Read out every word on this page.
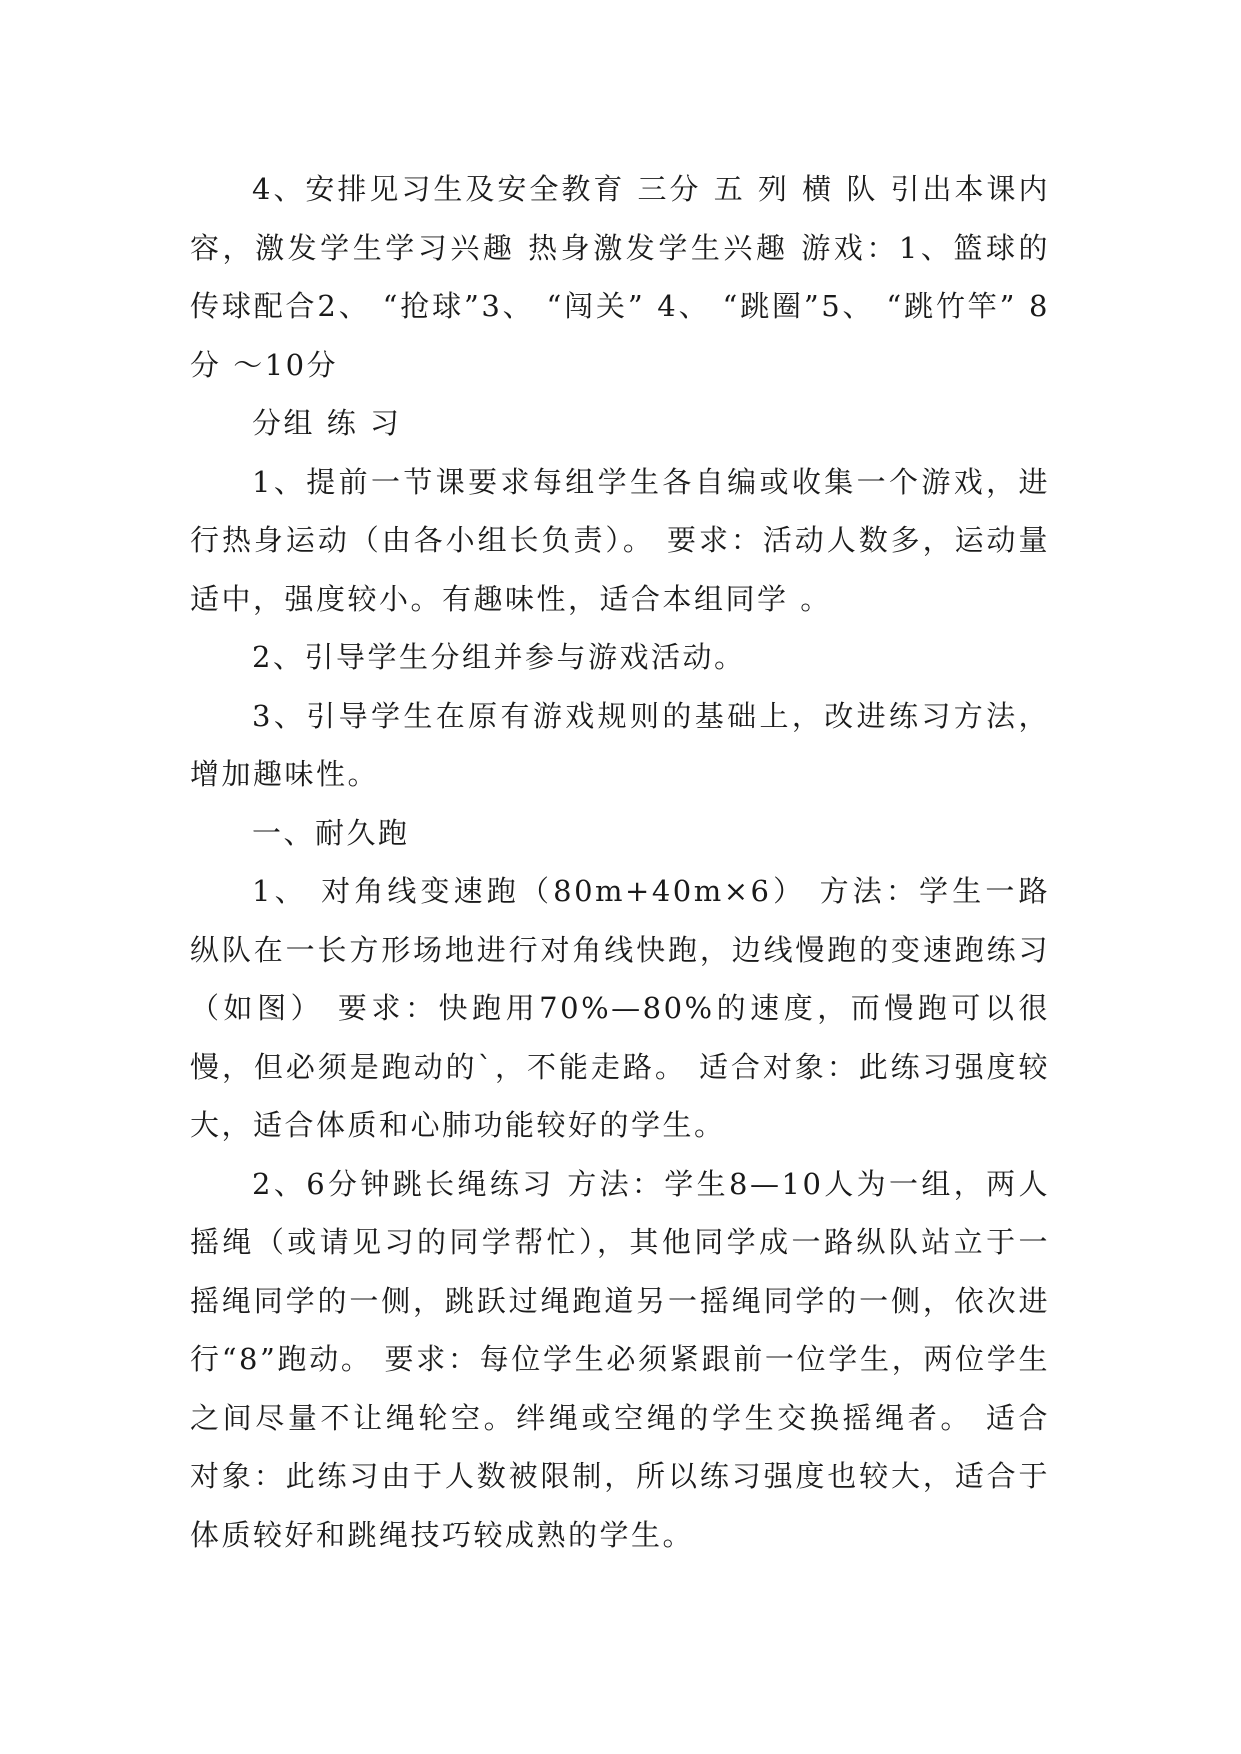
4、安排见习生及安全教育 三分 五 列 横 队 引出本课内容，激发学生学习兴趣 热身激发学生兴趣 游戏：1、篮球的传球配合2、 “抢球”3、 “闯关” 4、 “跳圈”5、 “跳竹竿” 8分 ～10分

分组 练 习

1、提前一节课要求每组学生各自编或收集一个游戏，进行热身运动（由各小组长负责）。 要求：活动人数多，运动量适中，强度较小。有趣味性，适合本组同学 。

2、引导学生分组并参与游戏活动。

3、引导学生在原有游戏规则的基础上，改进练习方法，增加趣味性。

一、耐久跑

1、 对角线变速跑（80m+40m×6） 方法：学生一路纵队在一长方形场地进行对角线快跑，边线慢跑的变速跑练习（如图） 要求：快跑用70%—80%的速度，而慢跑可以很慢，但必须是跑动的`，不能走路。 适合对象：此练习强度较大，适合体质和心肺功能较好的学生。

2、6分钟跳长绳练习 方法：学生8—10人为一组，两人摇绳（或请见习的同学帮忙），其他同学成一路纵队站立于一摇绳同学的一侧，跳跃过绳跑道另一摇绳同学的一侧，依次进行“8”跑动。 要求：每位学生必须紧跟前一位学生，两位学生之间尽量不让绳轮空。绊绳或空绳的学生交换摇绳者。 适合对象：此练习由于人数被限制，所以练习强度也较大，适合于体质较好和跳绳技巧较成熟的学生。
